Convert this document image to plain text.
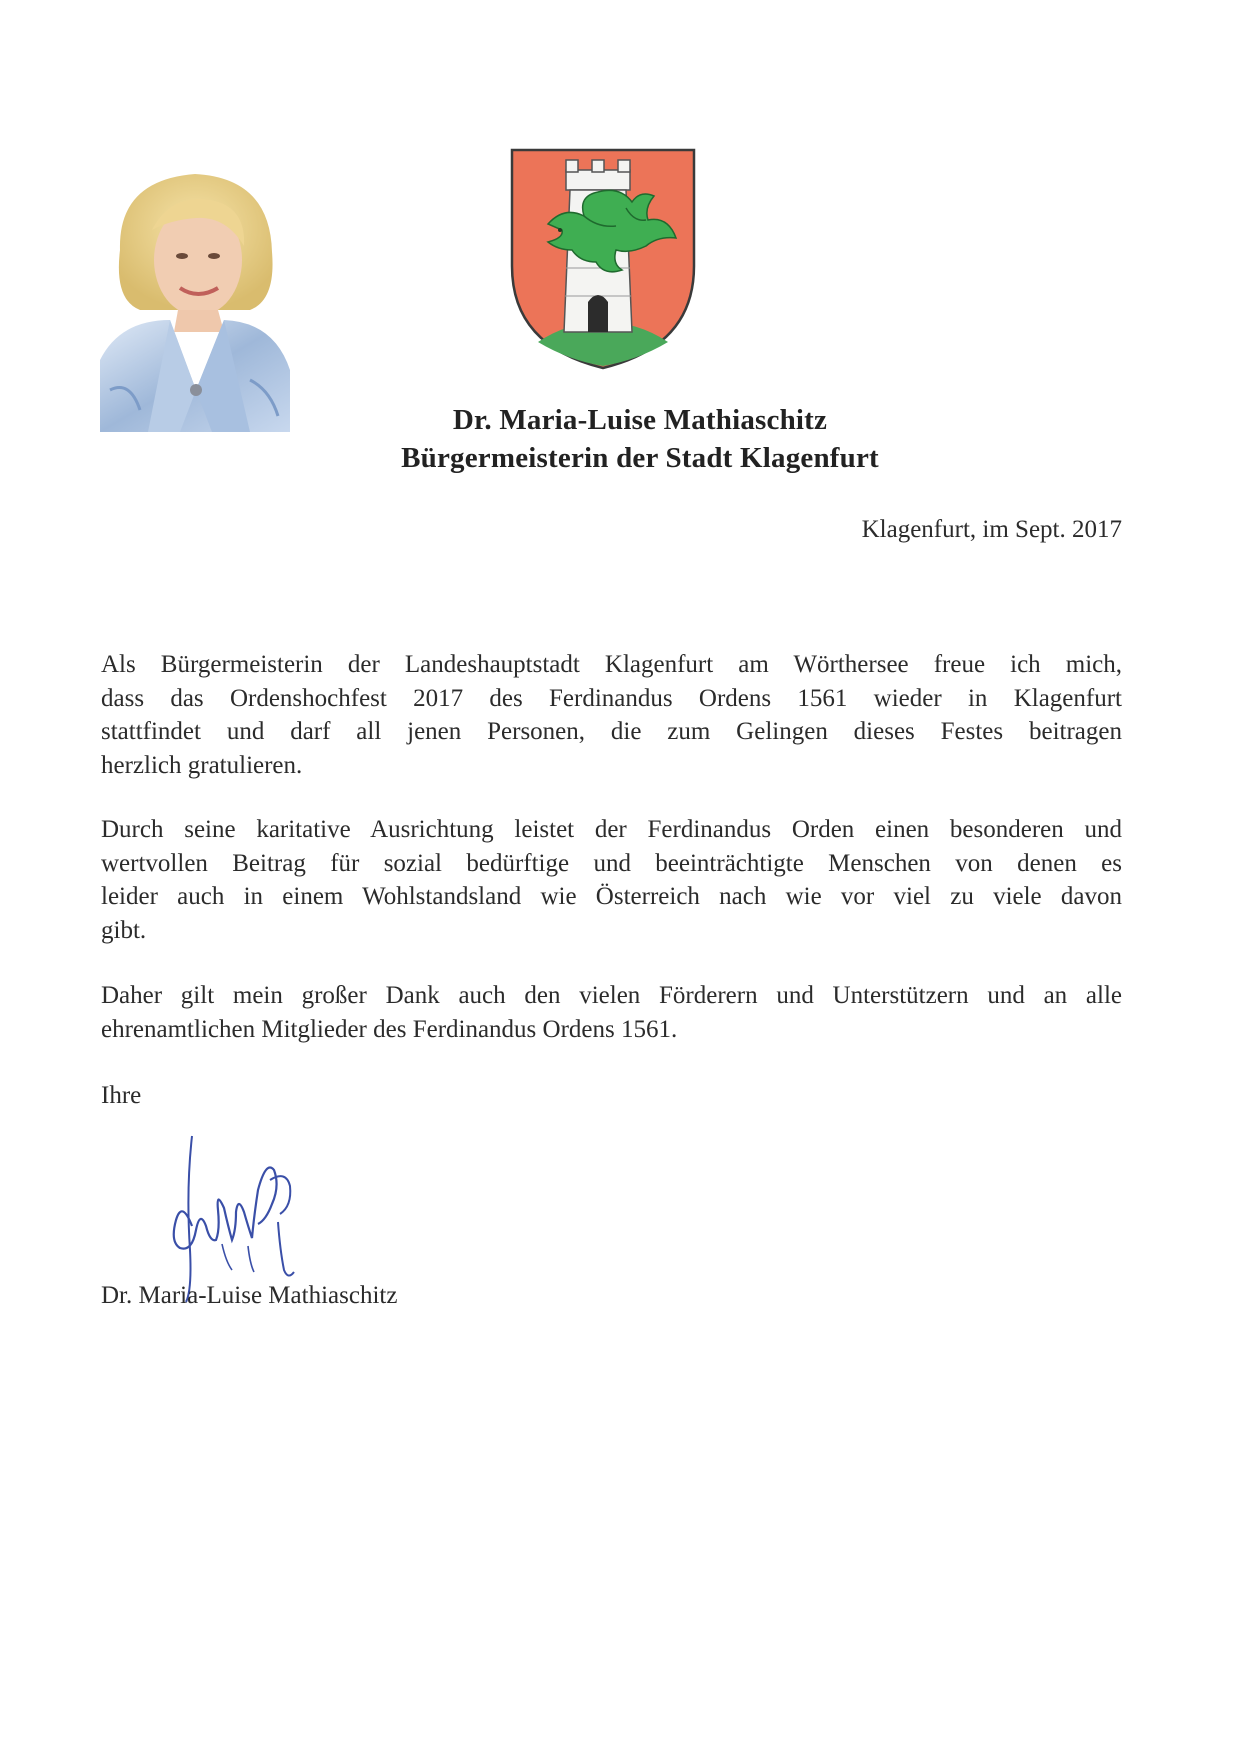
Dr. Maria-Luise Mathiaschitz
Bürgermeisterin der Stadt Klagenfurt
Klagenfurt, im Sept. 2017
Als Bürgermeisterin der Landeshauptstadt Klagenfurt am Wörthersee freue ich mich,
dass das Ordenshochfest 2017 des Ferdinandus Ordens 1561 wieder in Klagenfurt
stattfindet und darf all jenen Personen, die zum Gelingen dieses Festes beitragen
herzlich gratulieren.
Durch seine karitative Ausrichtung leistet der Ferdinandus Orden einen besonderen und
wertvollen Beitrag für sozial bedürftige und beeinträchtigte Menschen von denen es
leider auch in einem Wohlstandsland wie Österreich nach wie vor viel zu viele davon
gibt.
Daher gilt mein großer Dank auch den vielen Förderern und Unterstützern und an alle
ehrenamtlichen Mitglieder des Ferdinandus Ordens 1561.
Ihre
Dr. Maria-Luise Mathiaschitz
